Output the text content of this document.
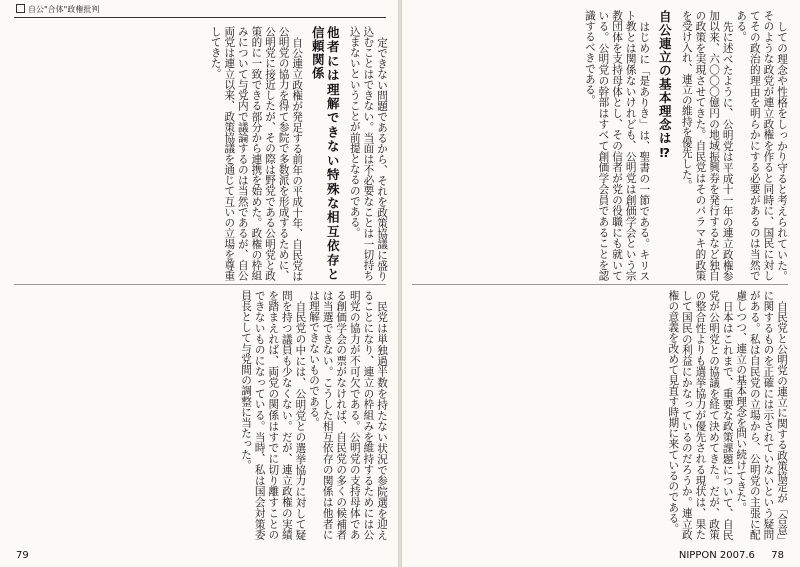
自公"合体"政権批判

定できない問題であるから、それを政策協議に盛り込むことはできない。当面は不必要なことは一切持ち込まないということが前提となるのである。

他者には理解できない特殊な相互依存と信頼関係

自公連立政権が発足する前年の平成十年、自民党は公明党の協力を得て参院で多数派を形成するために、公明党に接近したが、その際は野党である公明党と政策的に一致できる部分から連携を始めた。政権の枠組みについて与党内で議論するのは当然であるが、自公両党は連立以来、政策協議を通じて互いの立場を尊重してきた。

民党は単独過半数を持たない状況で参院選を迎えることになり、連立の枠組みを維持するためには公明党の協力が不可欠である。公明党の支持母体である創価学会の票がなければ、自民党の多くの候補者は当選できない。こうした相互依存の関係は他者には理解できないものである。

自民党の中には、公明党との選挙協力に対して疑問を持つ議員も少なくない。だが、連立政権の実績を踏まえれば、両党の関係はすでに切り離すことのできないものになっている。当時、私は国会対策委員長として与党間の調整に当たった。

79

しての理念や性格をしっかり守ると考えられていた。そのような政党が連立政権を作ると同時に、国民に対してその政治的理由を明らかにする必要があるのは当然である。

先に述べたように、公明党は平成十一年の連立政権参加以来、六〇〇〇億円の地域振興券を発行するなど独自の政策を実現させてきた。自民党はそのパラマキ的政策を受け入れ、連立の維持を優先した。

自公連立の基本理念は⁉

はじめに「是ありき」は、聖書の一節である。キリスト教とは関係ないけれども、公明党は創価学会という宗教団体を支持母体とし、その信者が党の役職にも就いている。公明党の幹部はすべて創価学会員であることを認識するべきである。

自民党と公明党の連立に関する政策協定が「合意」に関するものを正確には示されていないという疑問がある。私は自民党の立場から、公明党の主張に配慮しつつ、連立の基本理念を問い続けてきた。

日本はこれまで、重要な政策課題について、自民党が公明党との協議を経て決めてきた。だが、政策の整合性よりも選挙協力が優先される現状は、果たして国民の利益にかなっているのだろうか。連立政権の意義を改めて見直す時期に来ているのである。

NIPPON 2007.6 78
